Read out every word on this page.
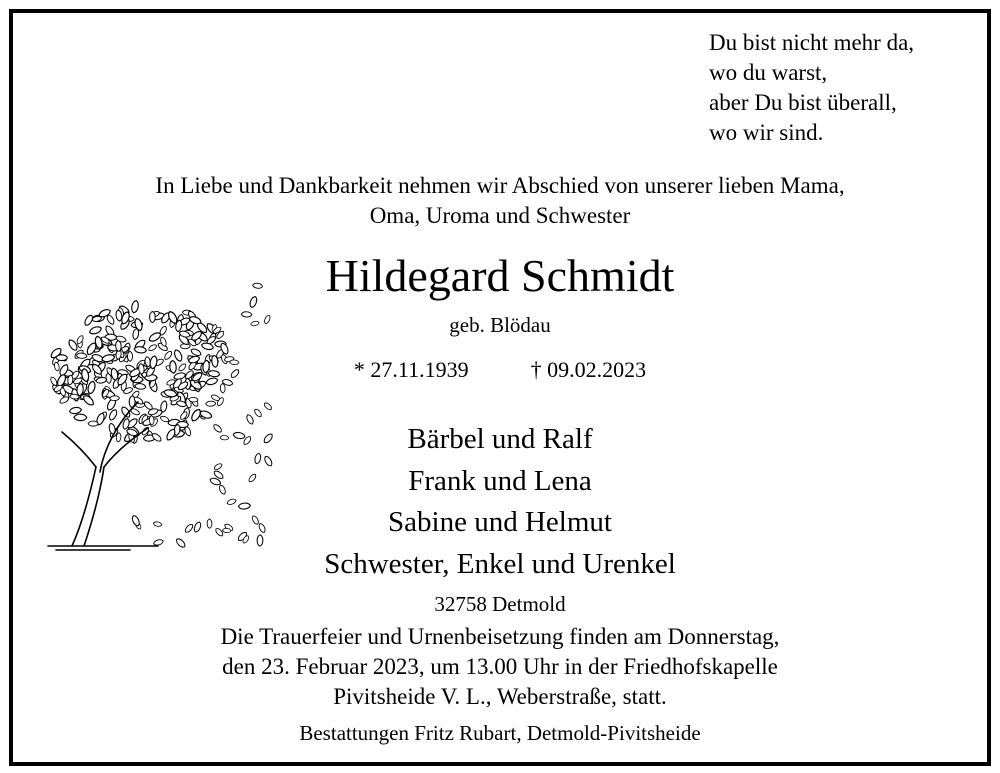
Du bist nicht mehr da,
wo du warst,
aber Du bist überall,
wo wir sind.
In Liebe und Dankbarkeit nehmen wir Abschied von unserer lieben Mama,
Oma, Uroma und Schwester
Hildegard Schmidt
geb. Blödau
* 27.11.1939	† 09.02.2023
Bärbel und Ralf
Frank und Lena
Sabine und Helmut
Schwester, Enkel und Urenkel
32758 Detmold
Die Trauerfeier und Urnenbeisetzung finden am Donnerstag,
den 23. Februar 2023, um 13.00 Uhr in der Friedhofskapelle
Pivitsheide V. L., Weberstraße, statt.
Bestattungen Fritz Rubart, Detmold-Pivitsheide
